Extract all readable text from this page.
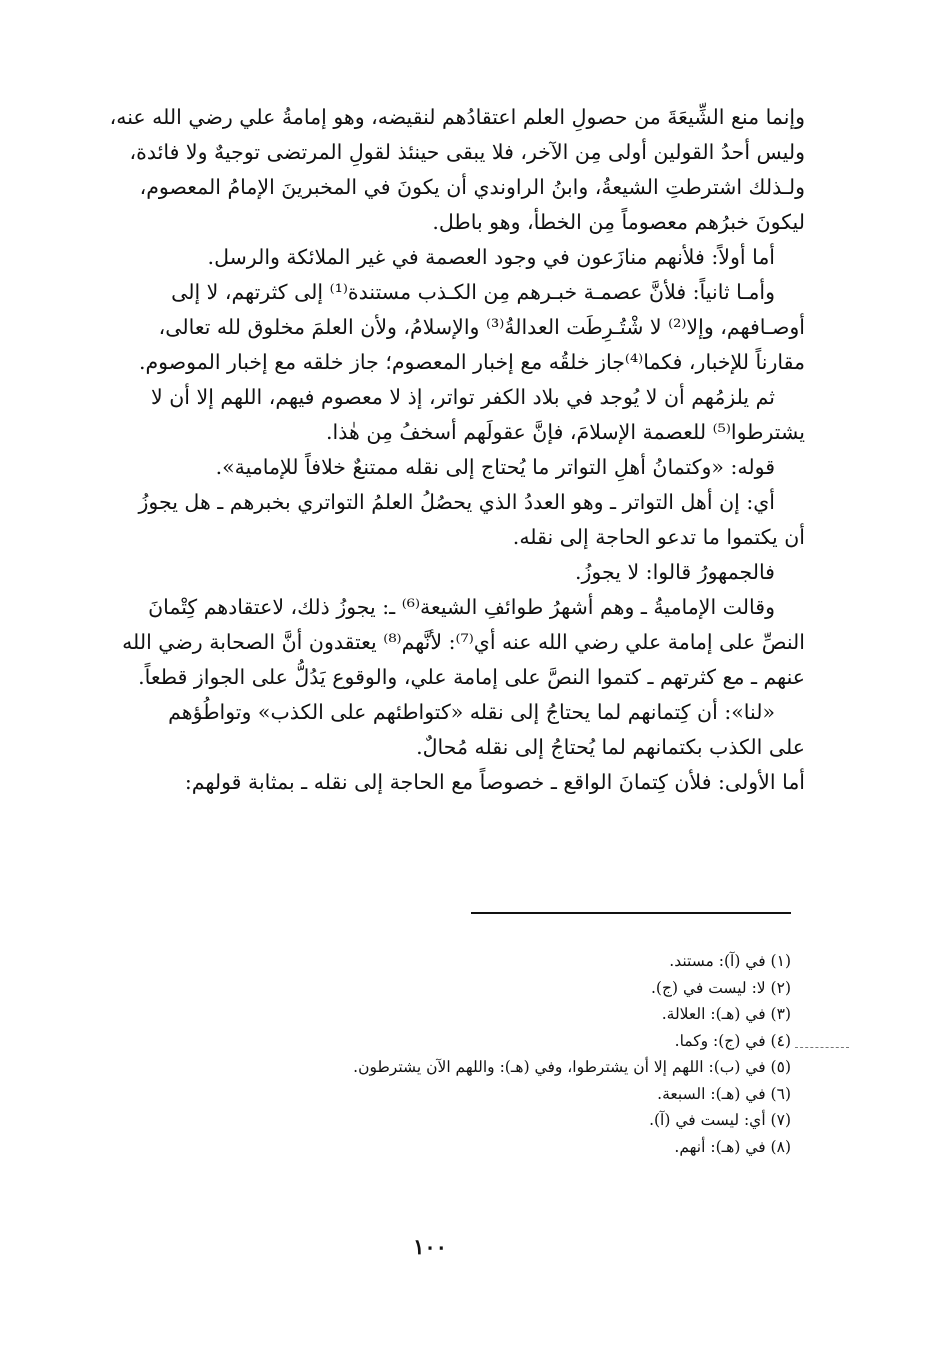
وإنما منع الشِّيعَةَ من حصولِ العلم اعتقادُهم لنقيضه، وهو إمامةُ علي رضي الله عنه،
وليس أحدُ القولين أولى مِن الآخر، فلا يبقى حينئذ لقولِ المرتضى توجيهٌ ولا فائدة،
ولـذلك اشترطتِ الشيعةُ، وابنُ الراوندي أن يكونَ في المخبرينَ الإمامُ المعصوم،
ليكونَ خبرُهم معصوماً مِن الخطأ، وهو باطل.
أما أولاً: فلأنهم منازَعون في وجود العصمة في غير الملائكة والرسل.
وأمـا ثانياً: فلأنَّ عصمـة خبـرهم مِن الكـذب مستندة⁽¹⁾ إلى كثرتهم، لا إلى
أوصـافهم، وإلا⁽²⁾ لا شْتُـرِطَت العدالةُ⁽³⁾ والإسلامُ، ولأن العلمَ مخلوق لله تعالى،
مقارناً للإخبار، فكما⁽⁴⁾جاز خلقُه مع إخبار المعصوم؛ جاز خلقه مع إخبار الموصوم.
ثم يلزمُهم أن لا يُوجد في بلاد الكفر تواتر، إذ لا معصوم فيهم، اللهم إلا أن لا
يشترطوا⁽⁵⁾ للعصمة الإسلامَ، فإنَّ عقولَهم أسخفُ مِن هٰذا.
قوله: «وكتمانُ أهلِ التواتر ما يُحتاج إلى نقله ممتنعٌ خلافاً للإمامية».
أي: إن أهل التواتر ـ وهو العددُ الذي يحصُلُ العلمُ التواتري بخبرهم ـ هل يجوزُ
أن يكتموا ما تدعو الحاجة إلى نقله.
فالجمهورُ قالوا: لا يجوزُ.
وقالت الإماميةُ ـ وهم أشهرُ طوائفِ الشيعة⁽⁶⁾ ـ: يجوزُ ذلك، لاعتقادهم كِتْمانَ
النصِّ على إمامة علي رضي الله عنه أي⁽⁷⁾: لأنَّهم⁽⁸⁾ يعتقدون أنَّ الصحابة رضي الله
عنهم ـ مع كثرتهم ـ كتموا النصَّ على إمامة علي، والوقوع يَدُلُّ على الجواز قطعاً.
«لنا»: أن كِتمانهم لما يحتاجُ إلى نقله «كتواطئهم على الكذب» وتواطُؤهم
على الكذب بكتمانهم لما يُحتاجُ إلى نقله مُحالٌ.
أما الأولى: فلأن كِتمانَ الواقع ـ خصوصاً مع الحاجة إلى نقله ـ بمثابة قولهم:
(١) في (آ): مستند.
(٢) لا: ليست في (ج).
(٣) في (هـ): العلالة.
(٤) في (ج): وكما.
(٥) في (ب): اللهم إلا أن يشترطوا، وفي (هـ): واللهم الآن يشترطون.
(٦) في (هـ): السبعة.
(٧) أي: ليست في (آ).
(٨) في (هـ): أنهم.
١٠٠
